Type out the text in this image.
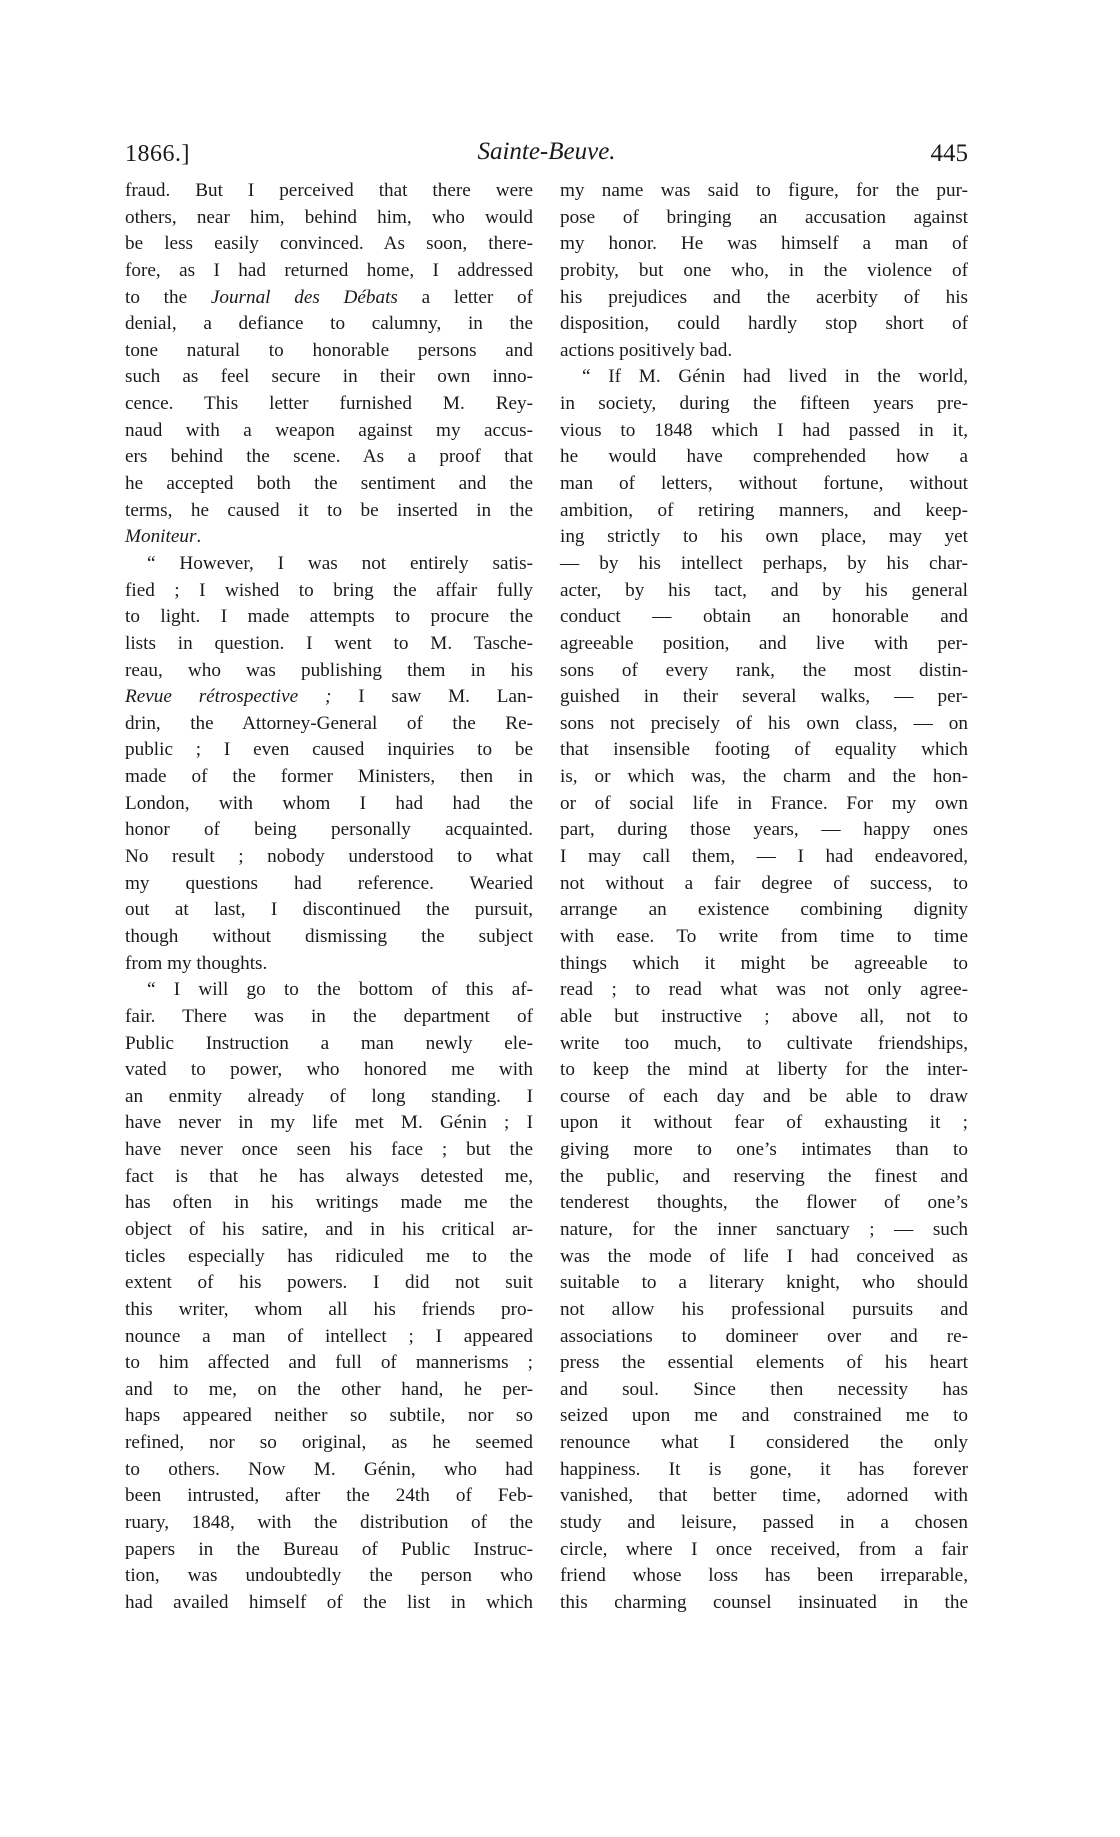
1866.]	Sainte-Beuve.	445
fraud. But I perceived that there were
others, near him, behind him, who would
be less easily convinced. As soon, there-
fore, as I had returned home, I addressed
to the Journal des Débats a letter of
denial, a defiance to calumny, in the
tone natural to honorable persons and
such as feel secure in their own inno-
cence. This letter furnished M. Rey-
naud with a weapon against my accus-
ers behind the scene. As a proof that
he accepted both the sentiment and the
terms, he caused it to be inserted in the
Moniteur.
“ However, I was not entirely satis-
fied ; I wished to bring the affair fully
to light. I made attempts to procure the
lists in question. I went to M. Tasche-
reau, who was publishing them in his
Revue rétrospective ; I saw M. Lan-
drin, the Attorney-General of the Re-
public ; I even caused inquiries to be
made of the former Ministers, then in
London, with whom I had had the
honor of being personally acquainted.
No result ; nobody understood to what
my questions had reference. Wearied
out at last, I discontinued the pursuit,
though without dismissing the subject
from my thoughts.
“ I will go to the bottom of this af-
fair. There was in the department of
Public Instruction a man newly ele-
vated to power, who honored me with
an enmity already of long standing. I
have never in my life met M. Génin ; I
have never once seen his face ; but the
fact is that he has always detested me,
has often in his writings made me the
object of his satire, and in his critical ar-
ticles especially has ridiculed me to the
extent of his powers. I did not suit
this writer, whom all his friends pro-
nounce a man of intellect ; I appeared
to him affected and full of mannerisms ;
and to me, on the other hand, he per-
haps appeared neither so subtile, nor so
refined, nor so original, as he seemed
to others. Now M. Génin, who had
been intrusted, after the 24th of Feb-
ruary, 1848, with the distribution of the
papers in the Bureau of Public Instruc-
tion, was undoubtedly the person who
had availed himself of the list in which
my name was said to figure, for the pur-
pose of bringing an accusation against
my honor. He was himself a man of
probity, but one who, in the violence of
his prejudices and the acerbity of his
disposition, could hardly stop short of
actions positively bad.
“ If M. Génin had lived in the world,
in society, during the fifteen years pre-
vious to 1848 which I had passed in it,
he would have comprehended how a
man of letters, without fortune, without
ambition, of retiring manners, and keep-
ing strictly to his own place, may yet
— by his intellect perhaps, by his char-
acter, by his tact, and by his general
conduct — obtain an honorable and
agreeable position, and live with per-
sons of every rank, the most distin-
guished in their several walks, — per-
sons not precisely of his own class, — on
that insensible footing of equality which
is, or which was, the charm and the hon-
or of social life in France. For my own
part, during those years, — happy ones
I may call them, — I had endeavored,
not without a fair degree of success, to
arrange an existence combining dignity
with ease. To write from time to time
things which it might be agreeable to
read ; to read what was not only agree-
able but instructive ; above all, not to
write too much, to cultivate friendships,
to keep the mind at liberty for the inter-
course of each day and be able to draw
upon it without fear of exhausting it ;
giving more to one’s intimates than to
the public, and reserving the finest and
tenderest thoughts, the flower of one’s
nature, for the inner sanctuary ; — such
was the mode of life I had conceived as
suitable to a literary knight, who should
not allow his professional pursuits and
associations to domineer over and re-
press the essential elements of his heart
and soul. Since then necessity has
seized upon me and constrained me to
renounce what I considered the only
happiness. It is gone, it has forever
vanished, that better time, adorned with
study and leisure, passed in a chosen
circle, where I once received, from a fair
friend whose loss has been irreparable,
this charming counsel insinuated in the
